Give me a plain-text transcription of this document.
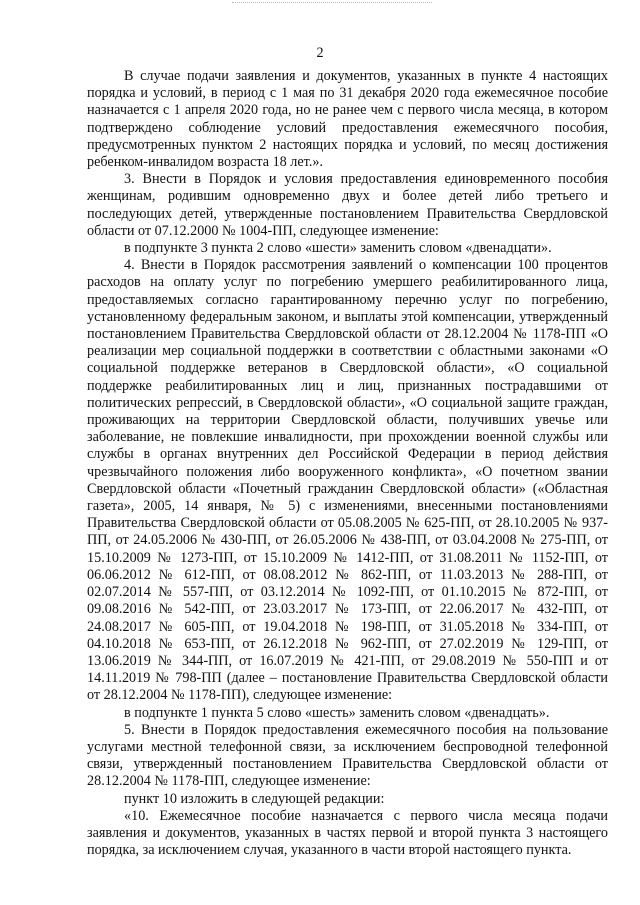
2

В случае подачи заявления и документов, указанных в пункте 4 настоящих порядка и условий, в период с 1 мая по 31 декабря 2020 года ежемесячное пособие назначается с 1 апреля 2020 года, но не ранее чем с первого числа месяца, в котором подтверждено соблюдение условий предоставления ежемесячного пособия, предусмотренных пунктом 2 настоящих порядка и условий, по месяц достижения ребенком-инвалидом возраста 18 лет.».

3. Внести в Порядок и условия предоставления единовременного пособия женщинам, родившим одновременно двух и более детей либо третьего и последующих детей, утвержденные постановлением Правительства Свердловской области от 07.12.2000 № 1004-ПП, следующее изменение:

в подпункте 3 пункта 2 слово «шести» заменить словом «двенадцати».

4. Внести в Порядок рассмотрения заявлений о компенсации 100 процентов расходов на оплату услуг по погребению умершего реабилитированного лица, предоставляемых согласно гарантированному перечню услуг по погребению, установленному федеральным законом, и выплаты этой компенсации, утвержденный постановлением Правительства Свердловской области от 28.12.2004 № 1178-ПП «О реализации мер социальной поддержки в соответствии с областными законами «О социальной поддержке ветеранов в Свердловской области», «О социальной поддержке реабилитированных лиц и лиц, признанных пострадавшими от политических репрессий, в Свердловской области», «О социальной защите граждан, проживающих на территории Свердловской области, получивших увечье или заболевание, не повлекшие инвалидности, при прохождении военной службы или службы в органах внутренних дел Российской Федерации в период действия чрезвычайного положения либо вооруженного конфликта», «О почетном звании Свердловской области «Почетный гражданин Свердловской области» («Областная газета», 2005, 14 января, № 5) с изменениями, внесенными постановлениями Правительства Свердловской области от 05.08.2005 № 625-ПП, от 28.10.2005 № 937-ПП, от 24.05.2006 № 430-ПП, от 26.05.2006 № 438-ПП, от 03.04.2008 № 275-ПП, от 15.10.2009 № 1273-ПП, от 15.10.2009 № 1412-ПП, от 31.08.2011 № 1152-ПП, от 06.06.2012 № 612-ПП, от 08.08.2012 № 862-ПП, от 11.03.2013 № 288-ПП, от 02.07.2014 № 557-ПП, от 03.12.2014 № 1092-ПП, от 01.10.2015 № 872-ПП, от 09.08.2016 № 542-ПП, от 23.03.2017 № 173-ПП, от 22.06.2017 № 432-ПП, от 24.08.2017 № 605-ПП, от 19.04.2018 № 198-ПП, от 31.05.2018 № 334-ПП, от 04.10.2018 № 653-ПП, от 26.12.2018 № 962-ПП, от 27.02.2019 № 129-ПП, от 13.06.2019 № 344-ПП, от 16.07.2019 № 421-ПП, от 29.08.2019 № 550-ПП и от 14.11.2019 № 798-ПП (далее – постановление Правительства Свердловской области от 28.12.2004 № 1178-ПП), следующее изменение:

в подпункте 1 пункта 5 слово «шесть» заменить словом «двенадцать».

5. Внести в Порядок предоставления ежемесячного пособия на пользование услугами местной телефонной связи, за исключением беспроводной телефонной связи, утвержденный постановлением Правительства Свердловской области от 28.12.2004 № 1178-ПП, следующее изменение:

пункт 10 изложить в следующей редакции:

«10. Ежемесячное пособие назначается с первого числа месяца подачи заявления и документов, указанных в частях первой и второй пункта 3 настоящего порядка, за исключением случая, указанного в части второй настоящего пункта.
